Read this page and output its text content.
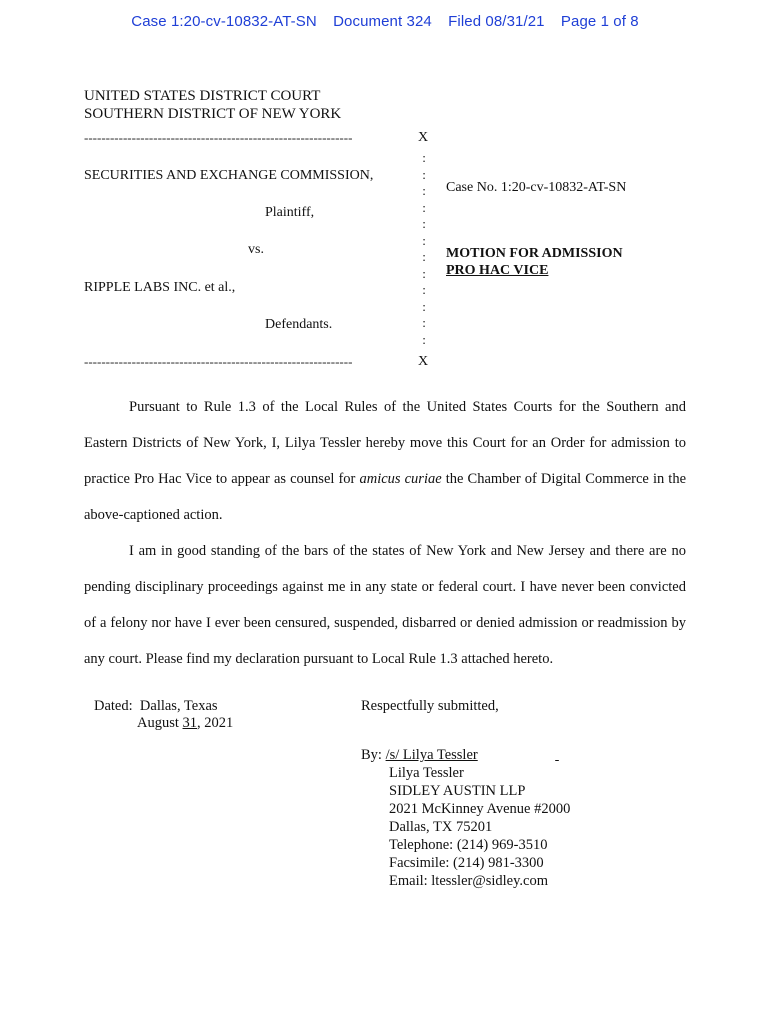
Case 1:20-cv-10832-AT-SN Document 324 Filed 08/31/21 Page 1 of 8
UNITED STATES DISTRICT COURT
SOUTHERN DISTRICT OF NEW YORK
--------------------------------------------------------------	X
:
:
:
:
:
:
:
:
:
:
:
:
SECURITIES AND EXCHANGE COMMISSION,
Plaintiff,
vs.
RIPPLE LABS INC. et al.,
Defendants.
Case No. 1:20-cv-10832-AT-SN
MOTION FOR ADMISSION
PRO HAC VICE
--------------------------------------------------------------	X

Pursuant to Rule 1.3 of the Local Rules of the United States Courts for the Southern and Eastern Districts of New York, I, Lilya Tessler hereby move this Court for an Order for admission to practice Pro Hac Vice to appear as counsel for amicus curiae the Chamber of Digital Commerce in the above-captioned action.

I am in good standing of the bars of the states of New York and New Jersey and there are no pending disciplinary proceedings against me in any state or federal court. I have never been convicted of a felony nor have I ever been censured, suspended, disbarred or denied admission or readmission by any court. Please find my declaration pursuant to Local Rule 1.3 attached hereto.

Dated: Dallas, Texas
August 31, 2021
Respectfully submitted,
By: /s/ Lilya Tessler
Lilya Tessler
SIDLEY AUSTIN LLP
2021 McKinney Avenue #2000
Dallas, TX 75201
Telephone: (214) 969-3510
Facsimile: (214) 981-3300
Email: ltessler@sidley.com
